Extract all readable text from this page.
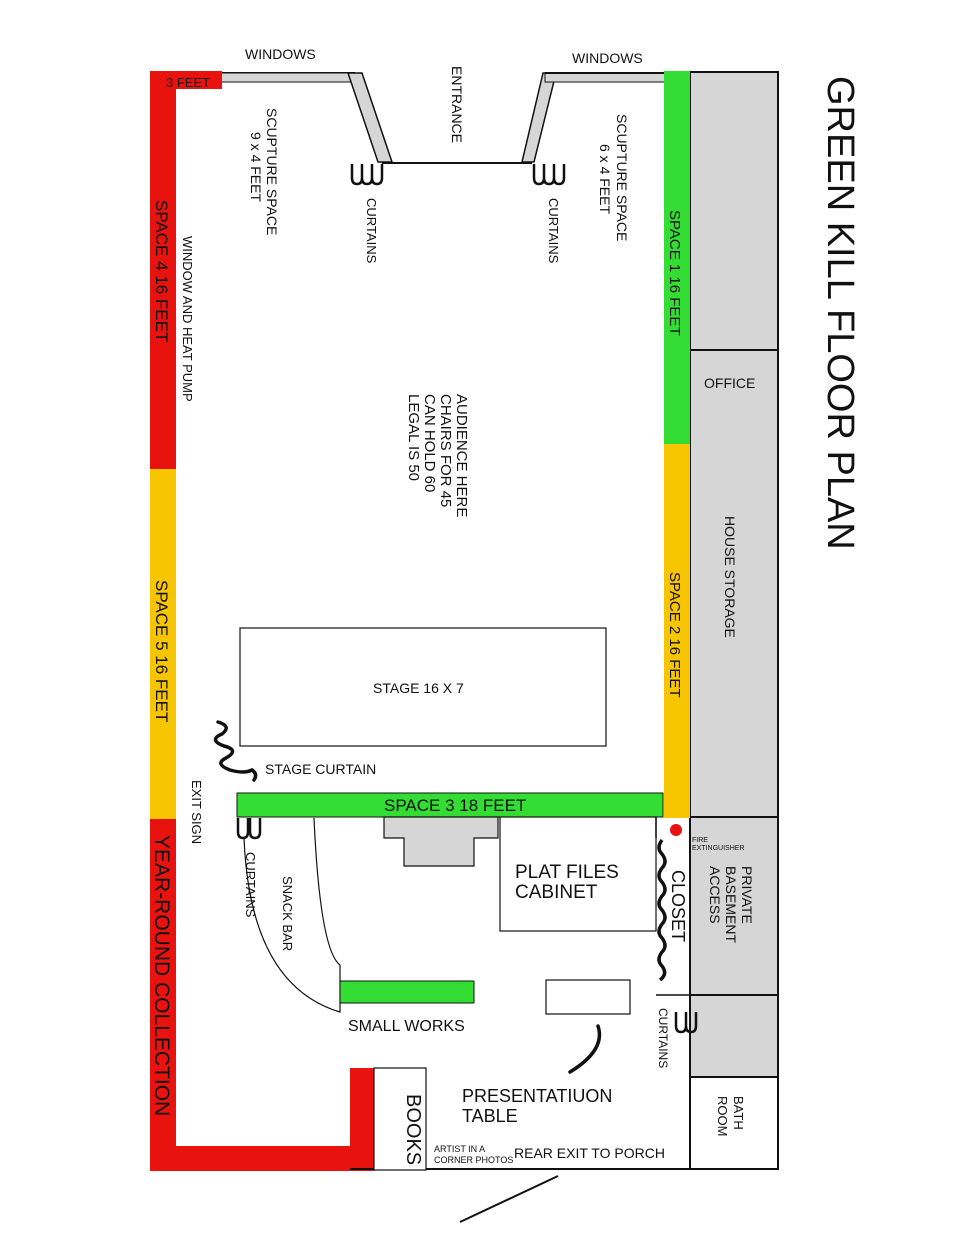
GREEN KILL FLOOR PLAN
3 FEET
SPACE 4 16 FEET
SPACE 5 16 FEET
YEAR-ROUND COLLECTION
SPACE 1 16 FEET
SPACE 2 16 FEET
SPACE 3 18 FEET
WINDOWS	WINDOWS
ENTRANCE
CURTAINS	CURTAINS
SCUPTURE SPACE
9 x 4 FEET	SCUPTURE SPACE
6 x 4 FEET
WINDOW AND HEAT PUMP
AUDIENCE HERE
CHAIRS FOR 45
CAN HOLD 60
LEGAL IS 50
STAGE 16 X 7
STAGE CURTAIN
OFFICE
HOUSE STORAGE
PRIVATE
BASEMENT
ACCESS
BATH
ROOM
EXIT SIGN
CURTAINS SNACK BAR
PLAT FILES
CABINET	CLOSET
FIRE
EXTINGUISHER
SMALL WORKS	CURTAINS
PRESENTATIUON
TABLE
BOOKS ARTIST IN A
CORNER PHOTOS REAR EXIT TO PORCH
